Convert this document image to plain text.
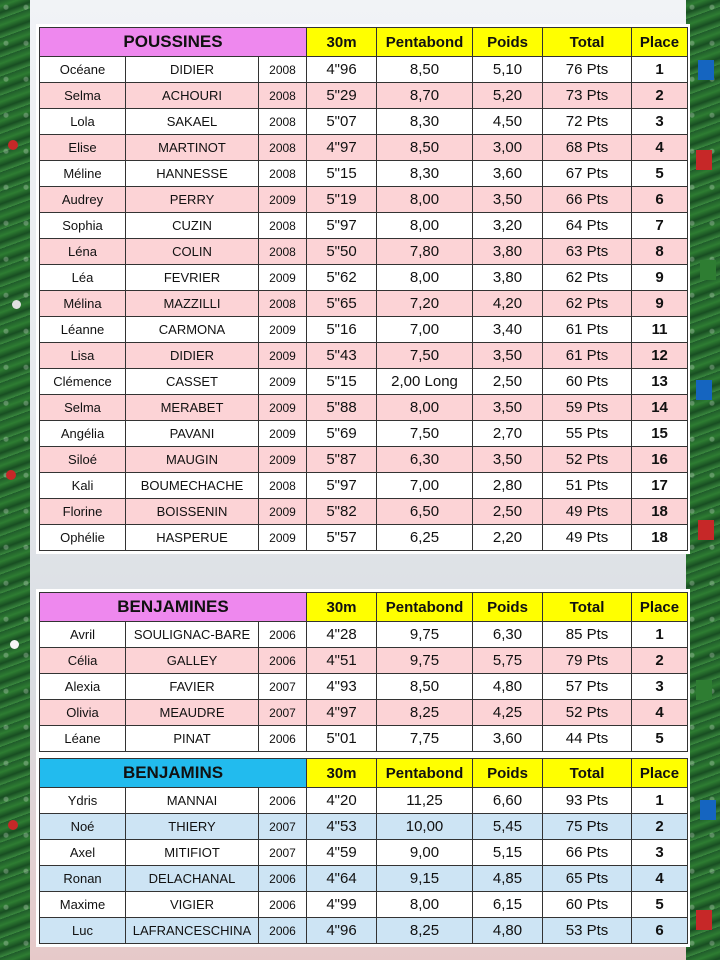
POUSSINES			30m	Pentabond	Poids	Total	Place
Océane	DIDIER	2008	4"96	8,50	5,10	76 Pts	1
Selma	ACHOURI	2008	5"29	8,70	5,20	73 Pts	2
Lola	SAKAEL	2008	5"07	8,30	4,50	72 Pts	3
Elise	MARTINOT	2008	4"97	8,50	3,00	68 Pts	4
Méline	HANNESSE	2008	5"15	8,30	3,60	67 Pts	5
Audrey	PERRY	2009	5"19	8,00	3,50	66 Pts	6
Sophia	CUZIN	2008	5"97	8,00	3,20	64 Pts	7
Léna	COLIN	2008	5"50	7,80	3,80	63 Pts	8
Léa	FEVRIER	2009	5"62	8,00	3,80	62 Pts	9
Mélina	MAZZILLI	2008	5"65	7,20	4,20	62 Pts	9
Léanne	CARMONA	2009	5"16	7,00	3,40	61 Pts	11
Lisa	DIDIER	2009	5"43	7,50	3,50	61 Pts	12
Clémence	CASSET	2009	5"15	2,00 Long	2,50	60 Pts	13
Selma	MERABET	2009	5"88	8,00	3,50	59 Pts	14
Angélia	PAVANI	2009	5"69	7,50	2,70	55 Pts	15
Siloé	MAUGIN	2009	5"87	6,30	3,50	52 Pts	16
Kali	BOUMECHACHE	2008	5"97	7,00	2,80	51 Pts	17
Florine	BOISSENIN	2009	5"82	6,50	2,50	49 Pts	18
Ophélie	HASPERUE	2009	5"57	6,25	2,20	49 Pts	18
BENJAMINES			30m	Pentabond	Poids	Total	Place
Avril	SOULIGNAC-BARE	2006	4"28	9,75	6,30	85 Pts	1
Célia	GALLEY	2006	4"51	9,75	5,75	79 Pts	2
Alexia	FAVIER	2007	4"93	8,50	4,80	57 Pts	3
Olivia	MEAUDRE	2007	4"97	8,25	4,25	52 Pts	4
Léane	PINAT	2006	5"01	7,75	3,60	44 Pts	5
BENJAMINS			30m	Pentabond	Poids	Total	Place
Ydris	MANNAI	2006	4"20	11,25	6,60	93 Pts	1
Noé	THIERY	2007	4"53	10,00	5,45	75 Pts	2
Axel	MITIFIOT	2007	4"59	9,00	5,15	66 Pts	3
Ronan	DELACHANAL	2006	4"64	9,15	4,85	65 Pts	4
Maxime	VIGIER	2006	4"99	8,00	6,15	60 Pts	5
Luc	LAFRANCESCHINA	2006	4"96	8,25	4,80	53 Pts	6
